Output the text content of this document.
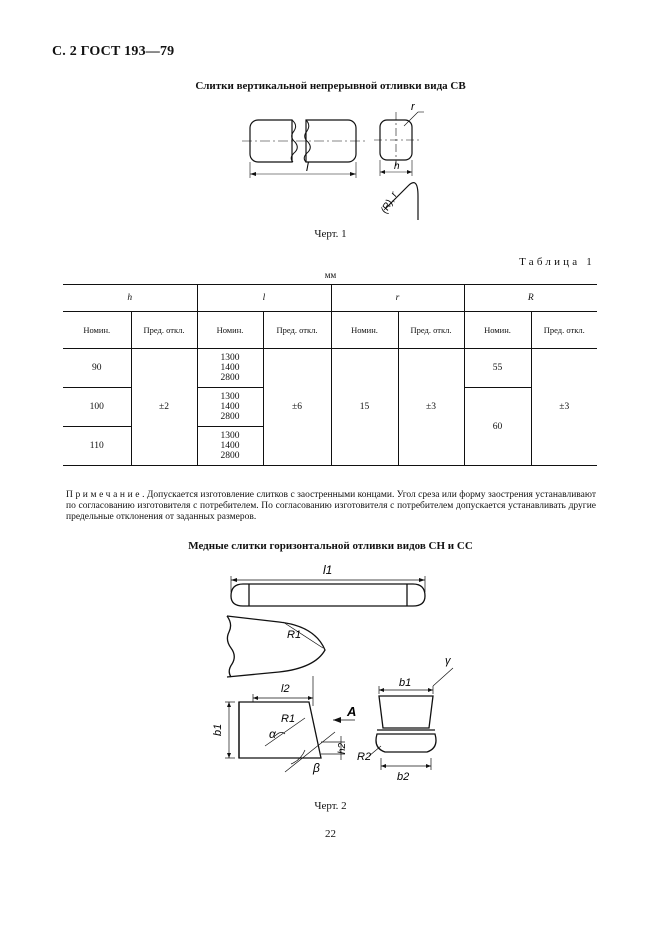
С. 2 ГОСТ 193—79
Слитки вертикальной непрерывной отливки вида СВ
l	h
r
(R), r
Черт. 1
Таблица 1
мм
h		l		r		R	
Номин.	Пред. откл.	Номин.	Пред. откл.	Номин.	Пред. откл.	Номин.	Пред. откл.
90	±2	1300
1400
2800	±6	15	±3	55	±3
100		1300
1400
2800				60	
110		1300
1400
2800					
Примечание. Допускается изготовление слитков с заостренными концами. Угол среза или форму заострения устанавливают по согласованию изготовителя с потребителем. По согласованию изготовителя с потребителем допускается устанавливать другие предельные отклонения от заданных размеров.
Медные слитки горизонтальной отливки видов СН и СС
l1
R1
l2
b1
R1
α
β
h2
A
b1
γ
R2
b2
Черт. 2
22
